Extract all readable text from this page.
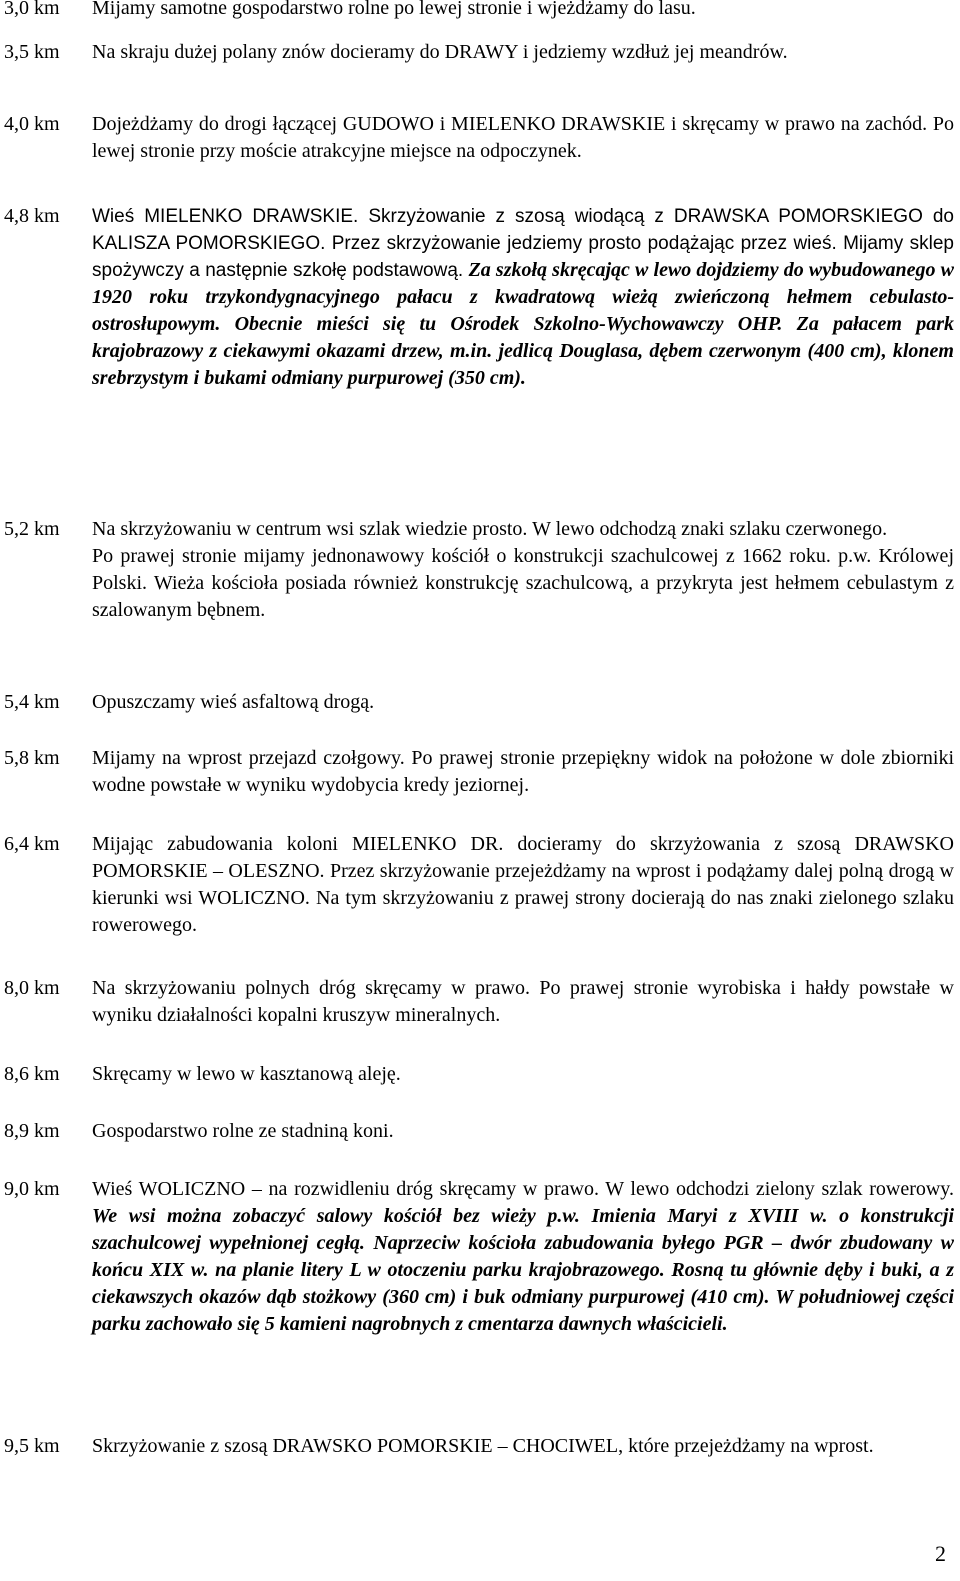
3,0 km	Mijamy samotne gospodarstwo rolne po lewej stronie i wjeżdżamy do lasu.
3,5 km	Na skraju dużej polany znów docieramy do DRAWY i jedziemy wzdłuż jej meandrów.
4,0 km	Dojeżdżamy do drogi łączącej GUDOWO i MIELENKO DRAWSKIE i skręcamy w prawo na zachód. Po lewej stronie przy moście atrakcyjne miejsce na odpoczynek.
4,8 km	Wieś MIELENKO DRAWSKIE. Skrzyżowanie z szosą wiodącą z DRAWSKA POMORSKIEGO do KALISZA POMORSKIEGO. Przez skrzyżowanie jedziemy prosto podążając przez wieś. Mijamy sklep spożywczy a następnie szkołę podstawową. Za szkołą skręcając w lewo dojdziemy do wybudowanego w 1920 roku trzykondygnacyjnego pałacu z kwadratową wieżą zwieńczoną hełmem cebulasto-ostrosłupowym. Obecnie mieści się tu Ośrodek Szkolno-Wychowawczy OHP. Za pałacem park krajobrazowy z ciekawymi okazami drzew, m.in. jedlicą Douglasa, dębem czerwonym (400 cm), klonem srebrzystym i bukami odmiany purpurowej (350 cm).
5,2 km	Na skrzyżowaniu w centrum wsi szlak wiedzie prosto. W lewo odchodzą znaki szlaku czerwonego.
Po prawej stronie mijamy jednonawowy kościół o konstrukcji szachulcowej z 1662 roku. p.w. Królowej Polski. Wieża kościoła posiada również konstrukcję szachulcową, a przykryta jest hełmem cebulastym z szalowanym bębnem.
5,4 km	Opuszczamy wieś asfaltową drogą.
5,8 km	Mijamy na wprost przejazd czołgowy. Po prawej stronie przepiękny widok na położone w dole zbiorniki wodne powstałe w wyniku wydobycia kredy jeziornej.
6,4 km	Mijając zabudowania koloni MIELENKO DR. docieramy do skrzyżowania z szosą DRAWSKO POMORSKIE – OLESZNO. Przez skrzyżowanie przejeżdżamy na wprost i podążamy dalej polną drogą w kierunki wsi WOLICZNO. Na tym skrzyżowaniu z prawej strony docierają do nas znaki zielonego szlaku rowerowego.
8,0 km	Na skrzyżowaniu polnych dróg skręcamy w prawo. Po prawej stronie wyrobiska i hałdy powstałe w wyniku działalności kopalni kruszyw mineralnych.
8,6 km	Skręcamy w lewo w kasztanową aleję.
8,9 km	Gospodarstwo rolne ze stadniną koni.
9,0 km	Wieś WOLICZNO – na rozwidleniu dróg skręcamy w prawo. W lewo odchodzi zielony szlak rowerowy. We wsi można zobaczyć salowy kościół bez wieży p.w. Imienia Maryi z XVIII w. o konstrukcji szachulcowej wypełnionej cegłą. Naprzeciw kościoła zabudowania byłego PGR – dwór zbudowany w końcu XIX w. na planie litery L w otoczeniu parku krajobrazowego. Rosną tu głównie dęby i buki, a z ciekawszych okazów dąb stożkowy (360 cm) i buk odmiany purpurowej (410 cm). W południowej części parku zachowało się 5 kamieni nagrobnych z cmentarza dawnych właścicieli.
9,5 km	Skrzyżowanie z szosą DRAWSKO POMORSKIE – CHOCIWEL, które przejeżdżamy na wprost.
2
